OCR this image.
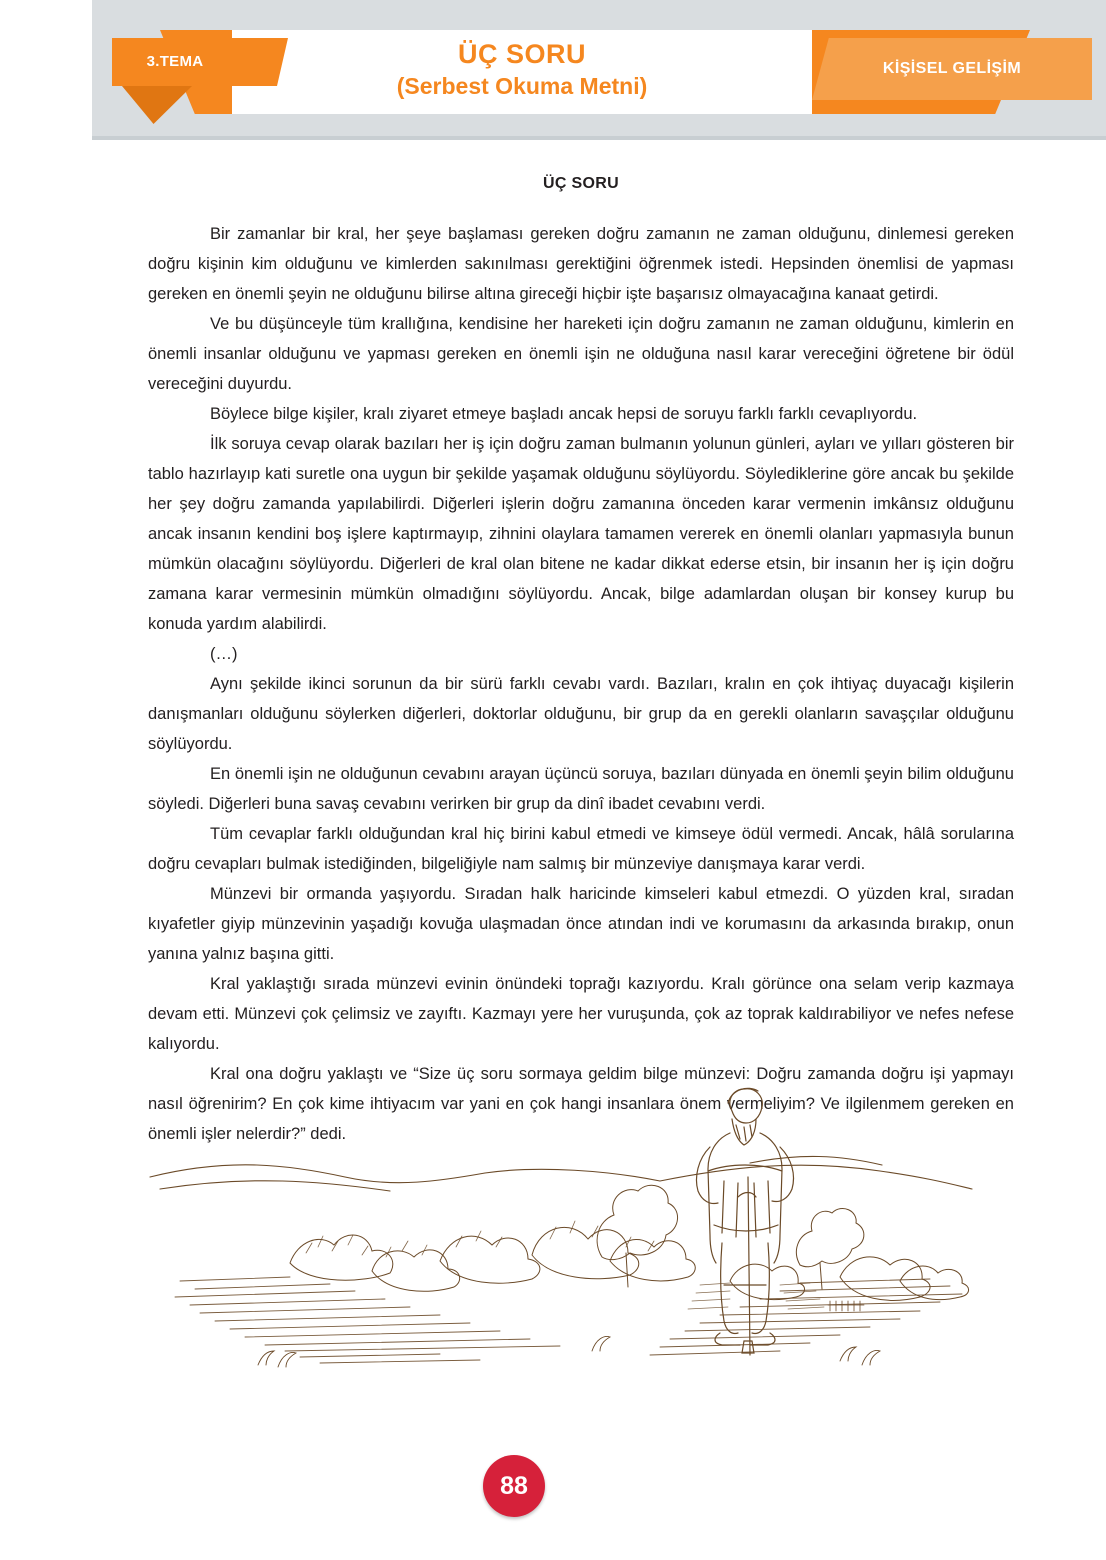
ÜÇ SORU
(Serbest Okuma Metni)
3.TEMA	KİŞİSEL GELİŞİM
ÜÇ SORU

Bir zamanlar bir kral, her şeye başlaması gereken doğru zamanın ne zaman olduğunu, dinlemesi gereken doğru kişinin kim olduğunu ve kimlerden sakınılması gerektiğini öğrenmek istedi. Hepsinden önemlisi de yapması gereken en önemli şeyin ne olduğunu bilirse altına gireceği hiçbir işte başarısız olmayacağına kanaat getirdi.

Ve bu düşünceyle tüm krallığına, kendisine her hareketi için doğru zamanın ne zaman olduğunu, kimlerin en önemli insanlar olduğunu ve yapması gereken en önemli işin ne olduğuna nasıl karar vereceğini öğretene bir ödül vereceğini duyurdu.

Böylece bilge kişiler, kralı ziyaret etmeye başladı ancak hepsi de soruyu farklı farklı cevaplıyordu.

İlk soruya cevap olarak bazıları her iş için doğru zaman bulmanın yolunun günleri, ayları ve yılları gösteren bir tablo hazırlayıp kati suretle ona uygun bir şekilde yaşamak olduğunu söylüyordu. Söylediklerine göre ancak bu şekilde her şey doğru zamanda yapılabilirdi. Diğerleri işlerin doğru zamanına önceden karar vermenin imkânsız olduğunu ancak insanın kendini boş işlere kaptırmayıp, zihnini olaylara tamamen vererek en önemli olanları yapmasıyla bunun mümkün olacağını söylüyordu. Diğerleri de kral olan bitene ne kadar dikkat ederse etsin, bir insanın her iş için doğru zamana karar vermesinin mümkün olmadığını söylüyordu. Ancak, bilge adamlardan oluşan bir konsey kurup bu konuda yardım alabilirdi.

(…)

Aynı şekilde ikinci sorunun da bir sürü farklı cevabı vardı. Bazıları, kralın en çok ihtiyaç duyacağı kişilerin danışmanları olduğunu söylerken diğerleri, doktorlar olduğunu, bir grup da en gerekli olanların savaşçılar olduğunu söylüyordu.

En önemli işin ne olduğunun cevabını arayan üçüncü soruya, bazıları dünyada en önemli şeyin bilim olduğunu söyledi. Diğerleri buna savaş cevabını verirken bir grup da dinî ibadet cevabını verdi.

Tüm cevaplar farklı olduğundan kral hiç birini kabul etmedi ve kimseye ödül vermedi. Ancak, hâlâ sorularına doğru cevapları bulmak istediğinden, bilgeliğiyle nam salmış bir münzeviye danışmaya karar verdi.

Münzevi bir ormanda yaşıyordu. Sıradan halk haricinde kimseleri kabul etmezdi. O yüzden kral, sıradan kıyafetler giyip münzevinin yaşadığı kovuğa ulaşmadan önce atından indi ve korumasını da arkasında bırakıp, onun yanına yalnız başına gitti.

Kral yaklaştığı sırada münzevi evinin önündeki toprağı kazıyordu. Kralı görünce ona selam verip kazmaya devam etti. Münzevi çok çelimsiz ve zayıftı. Kazmayı yere her vuruşunda, çok az toprak kaldırabiliyor ve nefes nefese kalıyordu.

Kral ona doğru yaklaştı ve “Size üç soru sormaya geldim bilge münzevi: Doğru zamanda doğru işi yapmayı nasıl öğrenirim? En çok kime ihtiyacım var yani en çok hangi insanlara önem vermeliyim? Ve ilgilenmem gereken en önemli işler nelerdir?” dedi.

88
